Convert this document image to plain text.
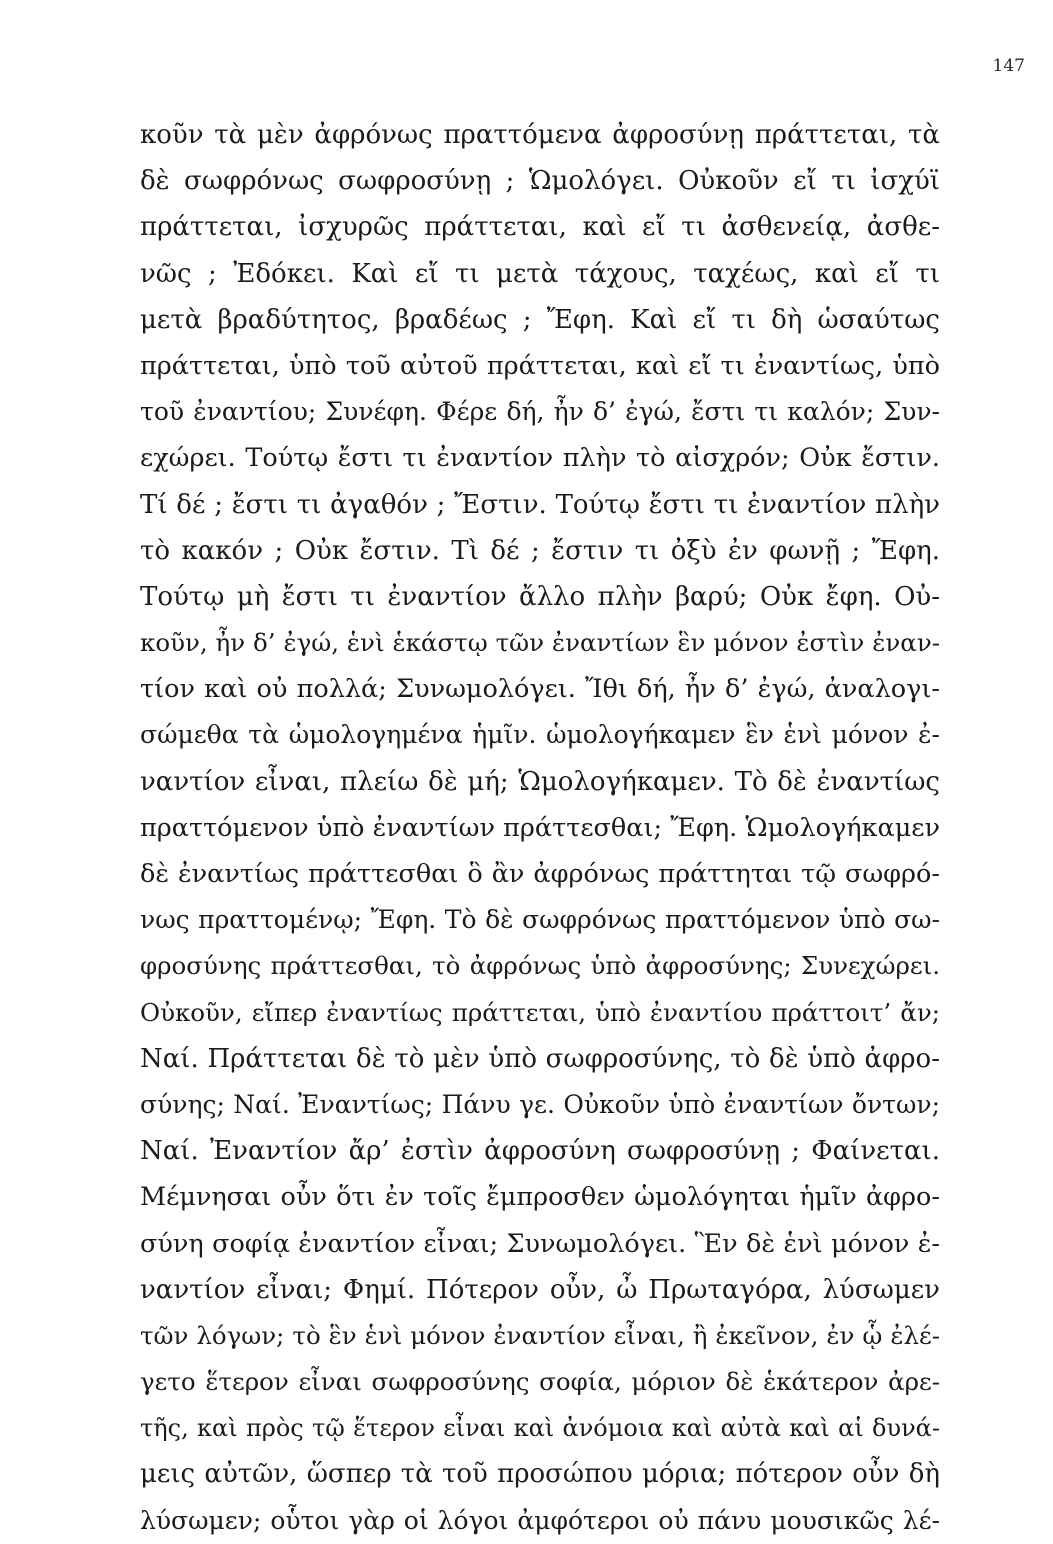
147
κοῦν τὰ μὲν ἀφρόνως πραττόμενα ἀφροσύνῃ πράττεται, τὰ
δὲ σωφρόνως σωφροσύνῃ ; Ὡμολόγει. Οὐκοῦν εἴ τι ἰσχύϊ
πράττεται, ἰσχυρῶς πράττεται, καὶ εἴ τι ἀσθενείᾳ, ἀσθε-
νῶς ; Ἐδόκει. Καὶ εἴ τι μετὰ τάχους, ταχέως, καὶ εἴ τι
μετὰ βραδύτητος, βραδέως ; Ἔφη. Καὶ εἴ τι δὴ ὡσαύτως
πράττεται, ὑπὸ τοῦ αὐτοῦ πράττεται, καὶ εἴ τι ἐναντίως, ὑπὸ
τοῦ ἐναντίου; Συνέφη. Φέρε δή, ἦν δ’ ἐγώ, ἔστι τι καλόν; Συν-
εχώρει. Τούτῳ ἔστι τι ἐναντίον πλὴν τὸ αἰσχρόν; Οὐκ ἔστιν.
Τί δέ ; ἔστι τι ἀγαθόν ; Ἔστιν. Τούτῳ ἔστι τι ἐναντίον πλὴν
τὸ κακόν ; Οὐκ ἔστιν. Τὶ δέ ; ἔστιν τι ὀξὺ ἐν φωνῇ ; Ἔφη.
Τούτῳ μὴ ἔστι τι ἐναντίον ἄλλο πλὴν βαρύ; Οὐκ ἔφη. Οὐ-
κοῦν, ἦν δ’ ἐγώ, ἑνὶ ἑκάστῳ τῶν ἐναντίων ἓν μόνον ἐστὶν ἐναν-
τίον καὶ οὐ πολλά; Συνωμολόγει. Ἴθι δή, ἦν δ’ ἐγώ, ἀναλογι-
σώμεθα τὰ ὡμολογημένα ἡμῖν. ὡμολογήκαμεν ἓν ἑνὶ μόνον ἐ-
ναντίον εἶναι, πλείω δὲ μή; Ὡμολογήκαμεν. Τὸ δὲ ἐναντίως
πραττόμενον ὑπὸ ἐναντίων πράττεσθαι; Ἔφη. Ὡμολογήκαμεν
δὲ ἐναντίως πράττεσθαι ὃ ἂν ἀφρόνως πράττηται τῷ σωφρό-
νως πραττομένῳ; Ἔφη. Τὸ δὲ σωφρόνως πραττόμενον ὑπὸ σω-
φροσύνης πράττεσθαι, τὸ ἀφρόνως ὑπὸ ἀφροσύνης; Συνεχώρει.
Οὐκοῦν, εἴπερ ἐναντίως πράττεται, ὑπὸ ἐναντίου πράττοιτ’ ἄν;
Ναί. Πράττεται δὲ τὸ μὲν ὑπὸ σωφροσύνης, τὸ δὲ ὑπὸ ἀφρο-
σύνης; Ναί. Ἐναντίως; Πάνυ γε. Οὐκοῦν ὑπὸ ἐναντίων ὄντων;
Ναί. Ἐναντίον ἄρ’ ἐστὶν ἀφροσύνη σωφροσύνῃ ; Φαίνεται.
Μέμνησαι οὖν ὅτι ἐν τοῖς ἔμπροσθεν ὡμολόγηται ἡμῖν ἀφρο-
σύνη σοφίᾳ ἐναντίον εἶναι; Συνωμολόγει. Ἓν δὲ ἑνὶ μόνον ἐ-
ναντίον εἶναι; Φημί. Πότερον οὖν, ὦ Πρωταγόρα, λύσωμεν
τῶν λόγων; τὸ ἓν ἑνὶ μόνον ἐναντίον εἶναι, ἢ ἐκεῖνον, ἐν ᾧ ἐλέ-
γετο ἕτερον εἶναι σωφροσύνης σοφία, μόριον δὲ ἑκάτερον ἀρε-
τῆς, καὶ πρὸς τῷ ἕτερον εἶναι καὶ ἀνόμοια καὶ αὐτὰ καὶ αἱ δυνά-
μεις αὐτῶν, ὥσπερ τὰ τοῦ προσώπου μόρια; πότερον οὖν δὴ
λύσωμεν; οὗτοι γὰρ οἱ λόγοι ἀμφότεροι οὐ πάνυ μουσικῶς λέ-
